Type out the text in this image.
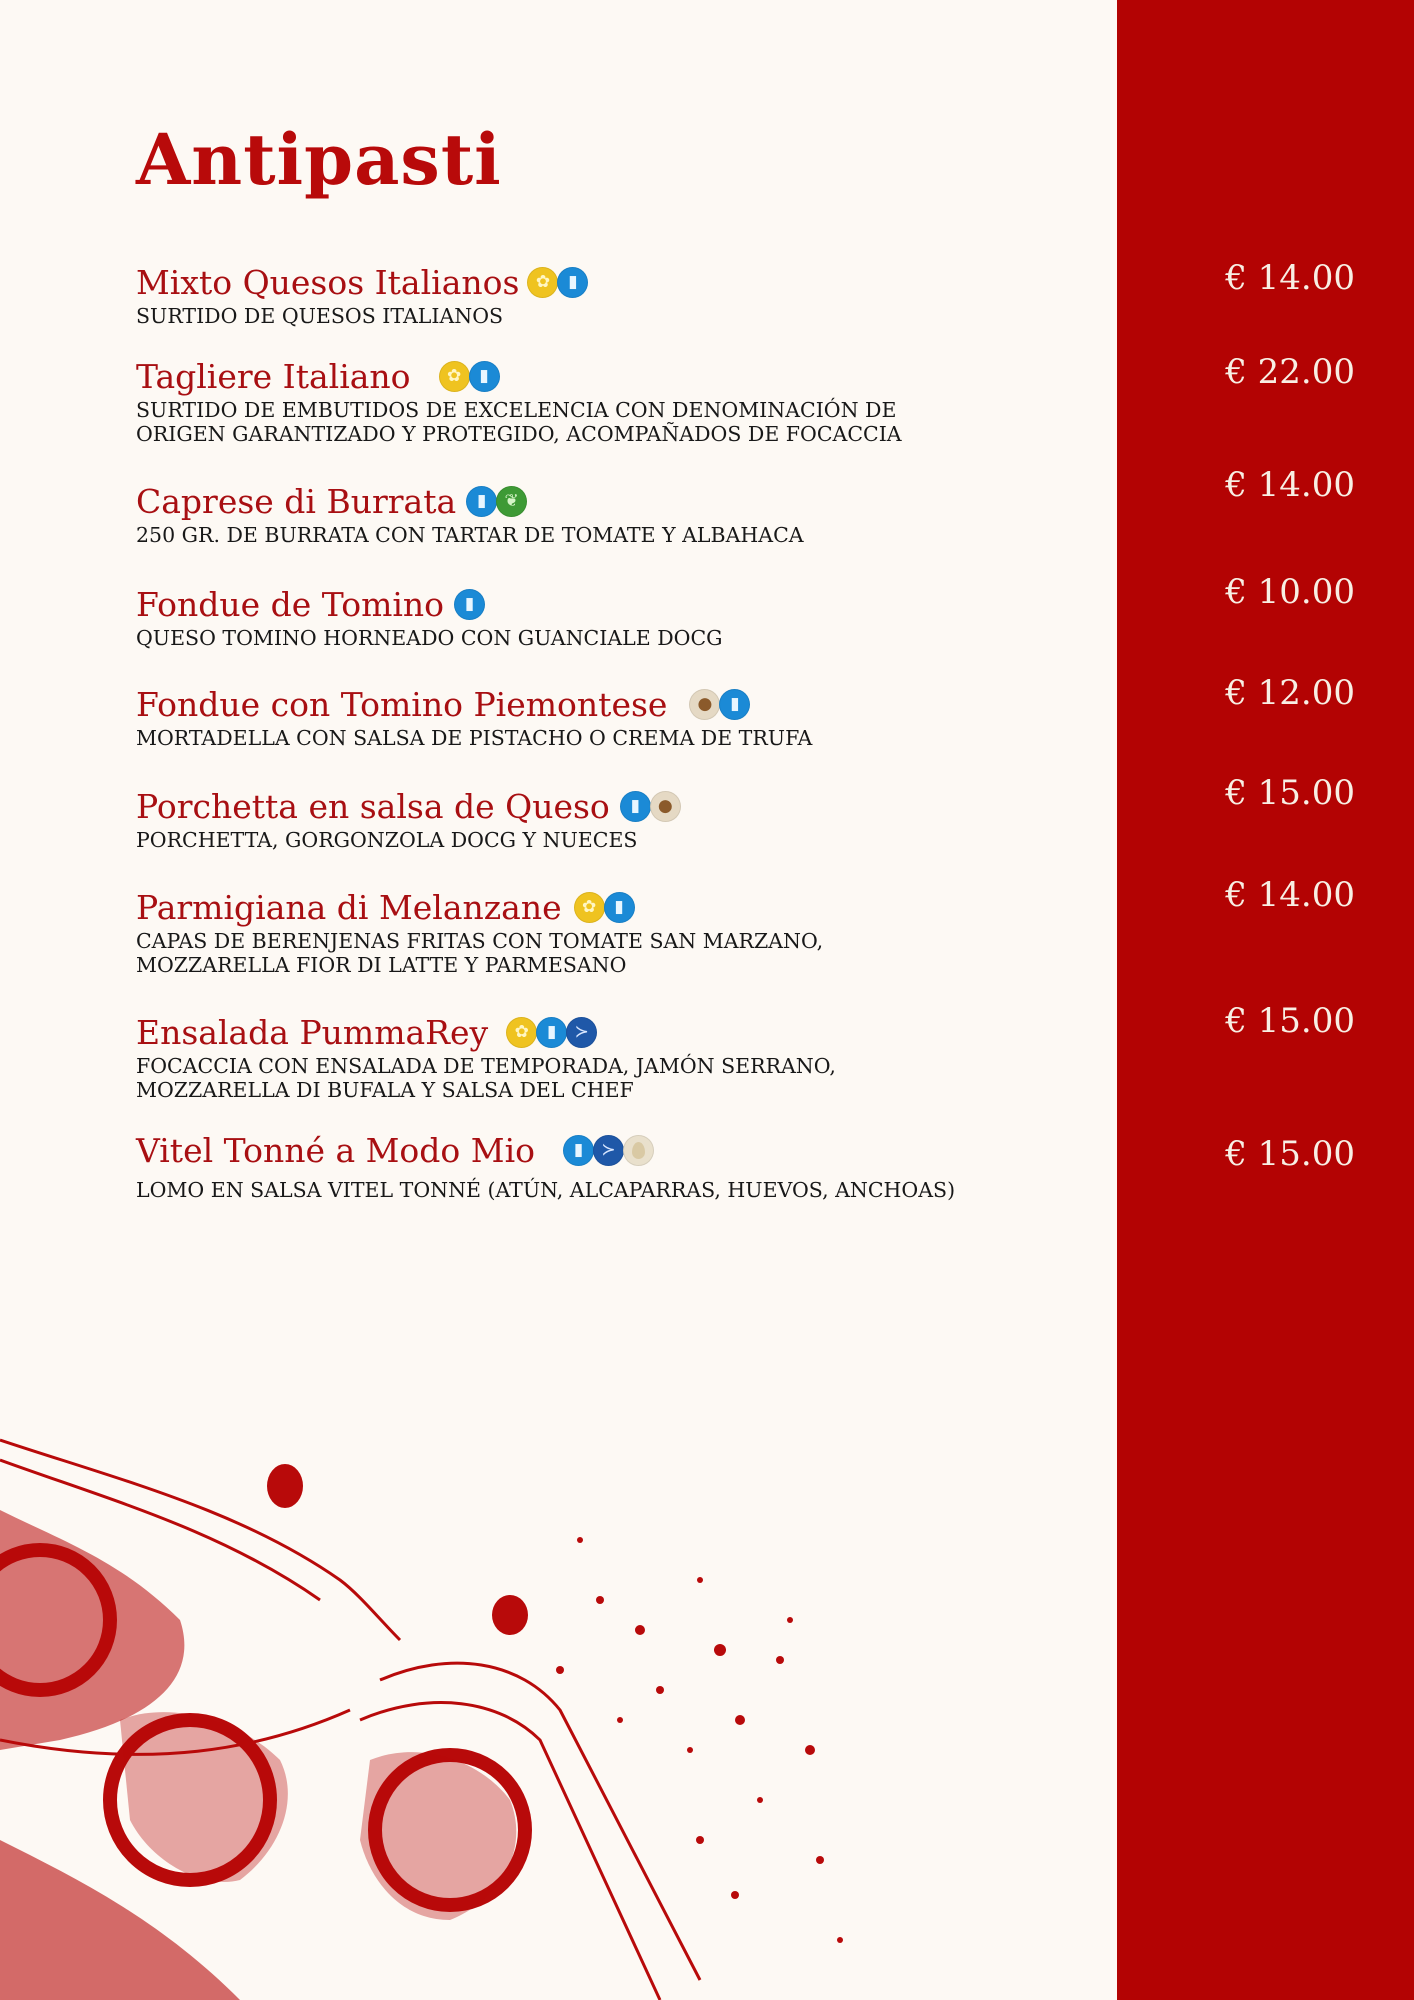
Antipasti
Mixto Quesos Italianos ✿	▮
SURTIDO DE QUESOS ITALIANOS
€ 14.00
Tagliere Italiano	✿	▮
SURTIDO DE EMBUTIDOS DE EXCELENCIA CON DENOMINACIÓN DE
ORIGEN GARANTIZADO Y PROTEGIDO, ACOMPAÑADOS DE FOCACCIA
€ 22.00
Caprese di Burrata	▮	❦
250 GR. DE BURRATA CON TARTAR DE TOMATE Y ALBAHACA
€ 14.00
Fondue de Tomino	▮
QUESO TOMINO HORNEADO CON GUANCIALE DOCG
€ 10.00
Fondue con Tomino Piemontese	●	▮
MORTADELLA CON SALSA DE PISTACHO O CREMA DE TRUFA
€ 12.00
Porchetta en salsa de Queso	▮	●
PORCHETTA, GORGONZOLA DOCG Y NUECES
€ 15.00
Parmigiana di Melanzane	✿	▮
CAPAS DE BERENJENAS FRITAS CON TOMATE SAN MARZANO,
MOZZARELLA FIOR DI LATTE Y PARMESANO
€ 14.00
Ensalada PummaRey	✿	▮	≻
FOCACCIA CON ENSALADA DE TEMPORADA, JAMÓN SERRANO,
MOZZARELLA DI BUFALA Y SALSA DEL CHEF
€ 15.00
Vitel Tonné a Modo Mio	▮	≻
LOMO EN SALSA VITEL TONNÉ (ATÚN, ALCAPARRAS, HUEVOS, ANCHOAS)
€ 15.00
